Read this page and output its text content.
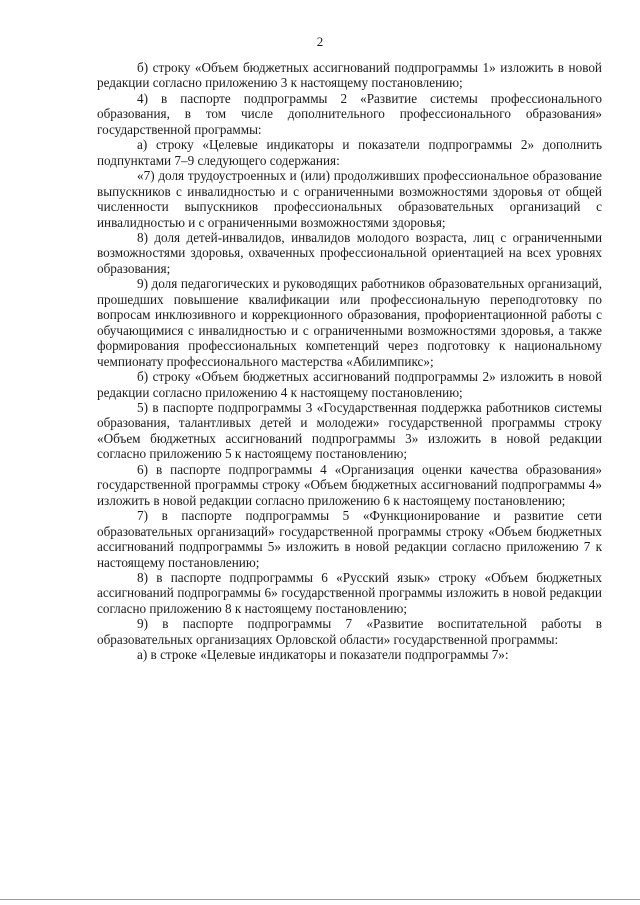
2

б) строку «Объем бюджетных ассигнований подпрограммы 1» изложить в новой редакции согласно приложению 3 к настоящему постановлению;

4) в паспорте подпрограммы 2 «Развитие системы профессионального образования, в том числе дополнительного профессионального образования» государственной программы:

а) строку «Целевые индикаторы и показатели подпрограммы 2» дополнить подпунктами 7–9 следующего содержания:

«7) доля трудоустроенных и (или) продолживших профессиональное образование выпускников с инвалидностью и с ограниченными возможностями здоровья от общей численности выпускников профессиональных образовательных организаций с инвалидностью и с ограниченными возможностями здоровья;

8) доля детей-инвалидов, инвалидов молодого возраста, лиц с ограниченными возможностями здоровья, охваченных профессиональной ориентацией на всех уровнях образования;

9) доля педагогических и руководящих работников образовательных организаций, прошедших повышение квалификации или профессиональную переподготовку по вопросам инклюзивного и коррекционного образования, профориентационной работы с обучающимися с инвалидностью и с ограниченными возможностями здоровья, а также формирования профессиональных компетенций через подготовку к национальному чемпионату профессионального мастерства «Абилимпикс»;

б) строку «Объем бюджетных ассигнований подпрограммы 2» изложить в новой редакции согласно приложению 4 к настоящему постановлению;

5) в паспорте подпрограммы 3 «Государственная поддержка работников системы образования, талантливых детей и молодежи» государственной программы строку «Объем бюджетных ассигнований подпрограммы 3» изложить в новой редакции согласно приложению 5 к настоящему постановлению;

6) в паспорте подпрограммы 4 «Организация оценки качества образования» государственной программы строку «Объем бюджетных ассигнований подпрограммы 4» изложить в новой редакции согласно приложению 6 к настоящему постановлению;

7) в паспорте подпрограммы 5 «Функционирование и развитие сети образовательных организаций» государственной программы строку «Объем бюджетных ассигнований подпрограммы 5» изложить в новой редакции согласно приложению 7 к настоящему постановлению;

8) в паспорте подпрограммы 6 «Русский язык» строку «Объем бюджетных ассигнований подпрограммы 6» государственной программы изложить в новой редакции согласно приложению 8 к настоящему постановлению;

9) в паспорте подпрограммы 7 «Развитие воспитательной работы в образовательных организациях Орловской области» государственной программы:

а) в строке «Целевые индикаторы и показатели подпрограммы 7»:
